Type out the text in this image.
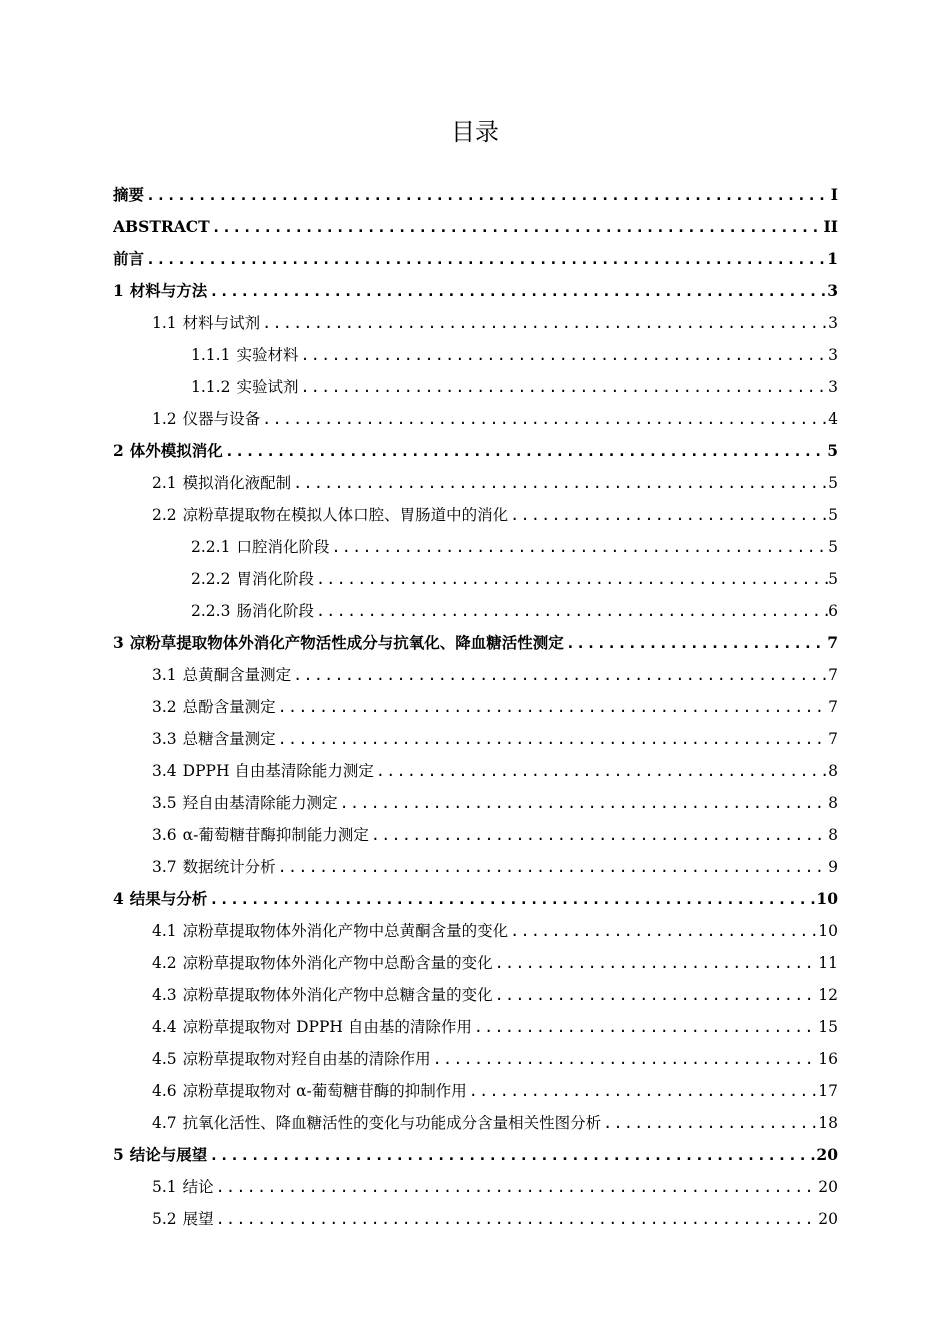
目录
摘要 .....	I
ABSTRACT .....	II
前言 .....	1
1 材料与方法 .....	3
1.1 材料与试剂 .....	3
1.1.1 实验材料 .....	3
1.1.2 实验试剂 .....	3
1.2 仪器与设备 .....	4
2 体外模拟消化 .....	5
2.1 模拟消化液配制 .....	5
2.2 凉粉草提取物在模拟人体口腔、胃肠道中的消化 .....	5
2.2.1 口腔消化阶段 .....	5
2.2.2 胃消化阶段 .....	5
2.2.3 肠消化阶段 .....	6
3 凉粉草提取物体外消化产物活性成分与抗氧化、降血糖活性测定 .....	7
3.1 总黄酮含量测定 .....	7
3.2 总酚含量测定 .....	7
3.3 总糖含量测定 .....	7
3.4 DPPH 自由基清除能力测定 .....	8
3.5 羟自由基清除能力测定 .....	8
3.6 α-葡萄糖苷酶抑制能力测定 .....	8
3.7 数据统计分析 .....	9
4 结果与分析 .....	10
4.1 凉粉草提取物体外消化产物中总黄酮含量的变化 .....	10
4.2 凉粉草提取物体外消化产物中总酚含量的变化 .....	11
4.3 凉粉草提取物体外消化产物中总糖含量的变化 .....	12
4.4 凉粉草提取物对 DPPH 自由基的清除作用 .....	15
4.5 凉粉草提取物对羟自由基的清除作用 .....	16
4.6 凉粉草提取物对 α-葡萄糖苷酶的抑制作用 .....	17
4.7 抗氧化活性、降血糖活性的变化与功能成分含量相关性图分析 .....	18
5 结论与展望 .....	20
5.1 结论 .....	20
5.2 展望 .....	20
